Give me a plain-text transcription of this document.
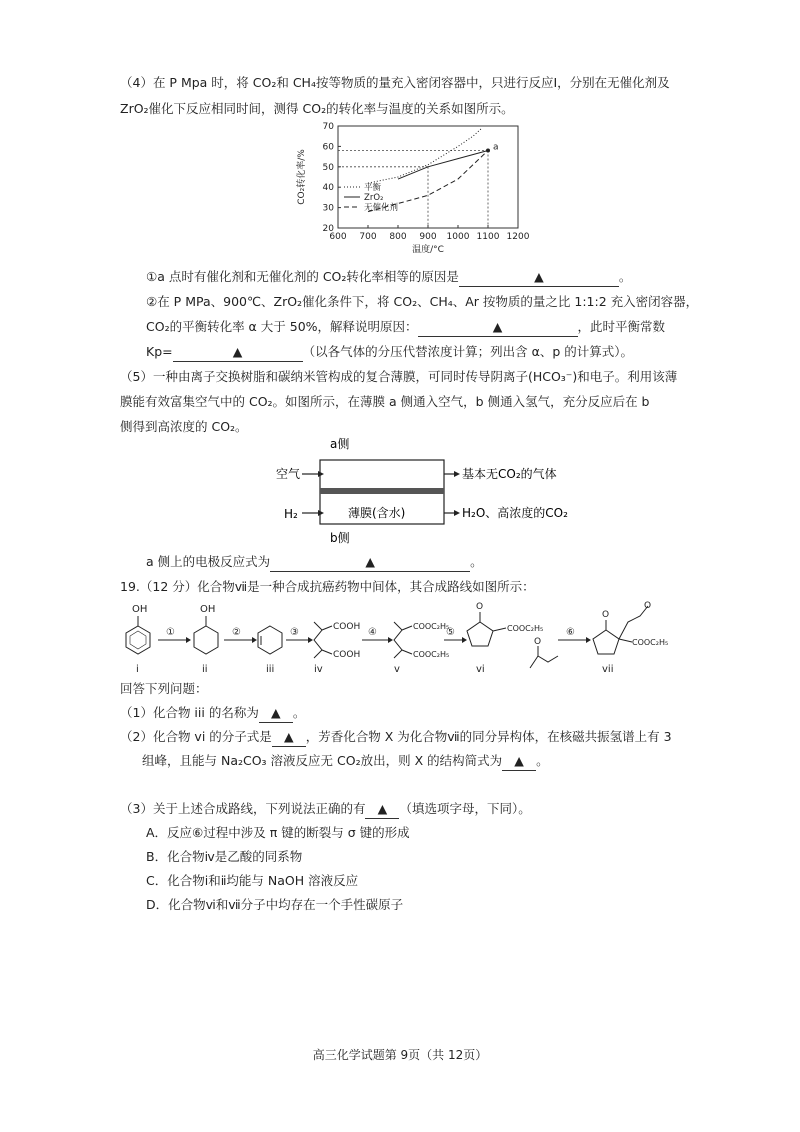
（4）在 P Mpa 时，将 CO₂和 CH₄按等物质的量充入密闭容器中，只进行反应Ⅰ，分别在无催化剂及
ZrO₂催化下反应相同时间，测得 CO₂的转化率与温度的关系如图所示。
600 700 800 900 1000 1100 1200
20
30
40
50
60
70
温度/°C
CO₂转化率/%	平衡
ZrO₂
无催化剂
a
①a 点时有催化剂和无催化剂的 CO₂转化率相等的原因是	▲	。
②在 P MPa、900℃、ZrO₂催化条件下，将 CO₂、CH₄、Ar 按物质的量之比 1:1:2 充入密闭容器，
CO₂的平衡转化率 α 大于 50%，解释说明原因：	▲	，此时平衡常数
Kp=	▲	（以各气体的分压代替浓度计算；列出含 α、p 的计算式）。
（5）一种由离子交换树脂和碳纳米管构成的复合薄膜，可同时传导阴离子(HCO₃⁻)和电子。利用该薄
膜能有效富集空气中的 CO₂。如图所示，在薄膜 a 侧通入空气，b 侧通入氢气，充分反应后在 b
侧得到高浓度的 CO₂。
a侧
空气
H₂
基本无CO₂的气体
H₂O、高浓度的CO₂
薄膜(含水)
b侧
a 侧上的电极反应式为	▲	。
19.（12 分）化合物ⅶ是一种合成抗癌药物中间体，其合成路线如图所示：
①	②	③	④	⑤	⑥
OH	OH
COOH
COOH
COOC₂H₅
COOC₂H₅
O
COOC₂H₅
O
O
O
COOC₂H₅
i	ii	iii	iv	v	vi	vii
回答下列问题：
（1）化合物 iii 的名称为 ▲ 。
（2）化合物 vi 的分子式是 ▲ ，芳香化合物 X 为化合物ⅶ的同分异构体，在核磁共振氢谱上有 3
组峰，且能与 Na₂CO₃ 溶液反应无 CO₂放出，则 X 的结构简式为 ▲ 。
（3）关于上述合成路线，下列说法正确的有 ▲ （填选项字母，下同）。
A．反应⑥过程中涉及 π 键的断裂与 σ 键的形成
B．化合物ⅳ是乙酸的同系物
C．化合物ⅰ和ⅱ均能与 NaOH 溶液反应
D．化合物ⅵ和ⅶ分子中均存在一个手性碳原子
高三化学试题第 9页（共 12页）
